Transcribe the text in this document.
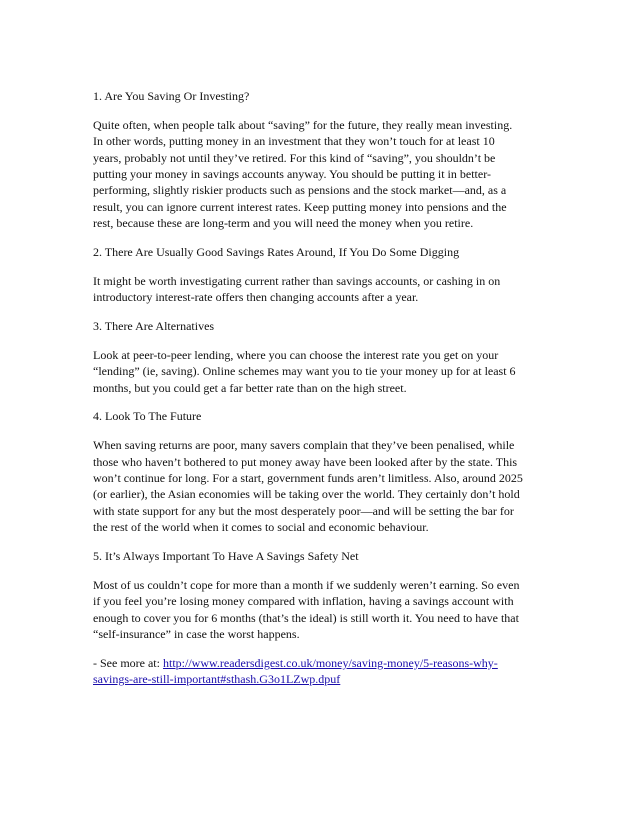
1. Are You Saving Or Investing?
Quite often, when people talk about “saving” for the future, they really mean investing.
In other words, putting money in an investment that they won’t touch for at least 10
years, probably not until they’ve retired. For this kind of “saving”, you shouldn’t be
putting your money in savings accounts anyway. You should be putting it in better-
performing, slightly riskier products such as pensions and the stock market—and, as a
result, you can ignore current interest rates. Keep putting money into pensions and the
rest, because these are long-term and you will need the money when you retire.
2. There Are Usually Good Savings Rates Around, If You Do Some Digging
It might be worth investigating current rather than savings accounts, or cashing in on
introductory interest-rate offers then changing accounts after a year.
3. There Are Alternatives
Look at peer-to-peer lending, where you can choose the interest rate you get on your
“lending” (ie, saving). Online schemes may want you to tie your money up for at least 6
months, but you could get a far better rate than on the high street.
4. Look To The Future
When saving returns are poor, many savers complain that they’ve been penalised, while
those who haven’t bothered to put money away have been looked after by the state. This
won’t continue for long. For a start, government funds aren’t limitless. Also, around 2025
(or earlier), the Asian economies will be taking over the world. They certainly don’t hold
with state support for any but the most desperately poor—and will be setting the bar for
the rest of the world when it comes to social and economic behaviour.
5. It’s Always Important To Have A Savings Safety Net
Most of us couldn’t cope for more than a month if we suddenly weren’t earning. So even
if you feel you’re losing money compared with inflation, having a savings account with
enough to cover you for 6 months (that’s the ideal) is still worth it. You need to have that
“self-insurance” in case the worst happens.
- See more at: http://www.readersdigest.co.uk/money/saving-money/5-reasons-why-
savings-are-still-important#sthash.G3o1LZwp.dpuf
